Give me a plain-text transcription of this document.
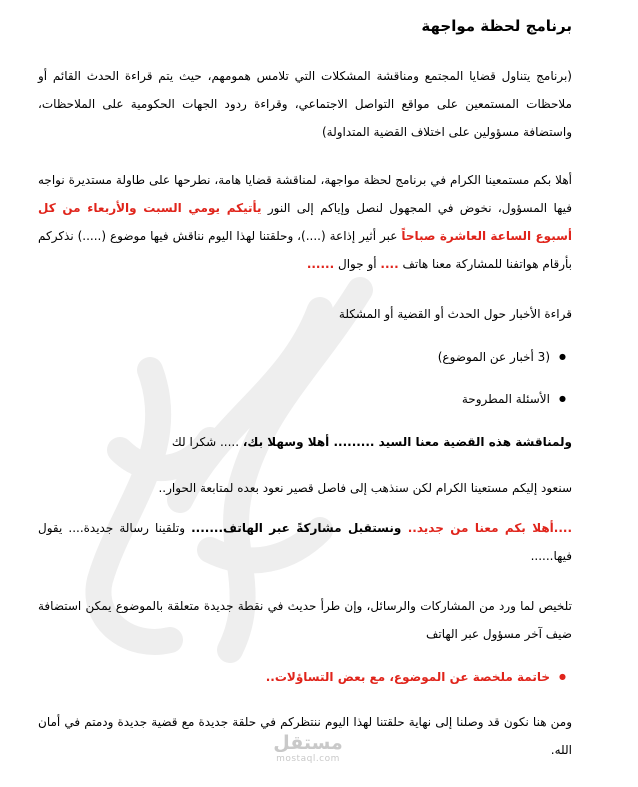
برنامج لحظة مواجهة

(برنامج يتناول قضايا المجتمع ومناقشة المشكلات التي تلامس همومهم، حيث يتم قراءة الحدث القائم أو ملاحظات المستمعين على مواقع التواصل الاجتماعي، وقراءة ردود الجهات الحكومية على الملاحظات، واستضافة مسؤولين على اختلاف القضية المتداولة)

أهلا بكم مستمعينا الكرام في برنامج لحظة مواجهة، لمناقشة قضايا هامة، نطرحها على طاولة مستديرة نواجه فيها المسؤول، نخوض في المجهول لنصل وإياكم إلى النور يأتيكم يومي السبت والأربعاء من كل أسبوع الساعة العاشرة صباحاً عبر أثير إذاعة (....)، وحلقتنا لهذا اليوم نناقش فيها موضوع (.....) نذكركم بأرقام هواتفنا للمشاركة معنا هاتف .... أو جوال ......

قراءة الأخبار حول الحدث أو القضية أو المشكلة

● (3 أخبار عن الموضوع)
● الأسئلة المطروحة

ولمناقشة هذه القضية معنا السيد ......... أهلا وسهلا بك، ..... شكرا لك

سنعود إليكم مستعينا الكرام لكن سنذهب إلى فاصل قصير نعود بعده لمتابعة الحوار..

....أهلا بكم معنا من جديد.. ونستقبل مشاركةً عبر الهاتف....... وتلقينا رسالة جديدة.... يقول فيها......

تلخيص لما ورد من المشاركات والرسائل، وإن طرأ حديث في نقطة جديدة متعلقة بالموضوع يمكن استضافة ضيف آخر مسؤول عبر الهاتف

● خاتمة ملخصة عن الموضوع، مع بعض التساؤلات..

ومن هنا نكون قد وصلنا إلى نهاية حلقتنا لهذا اليوم ننتظركم في حلقة جديدة مع قضية جديدة ودمتم في أمان الله.

مستقل
mostaql.com
